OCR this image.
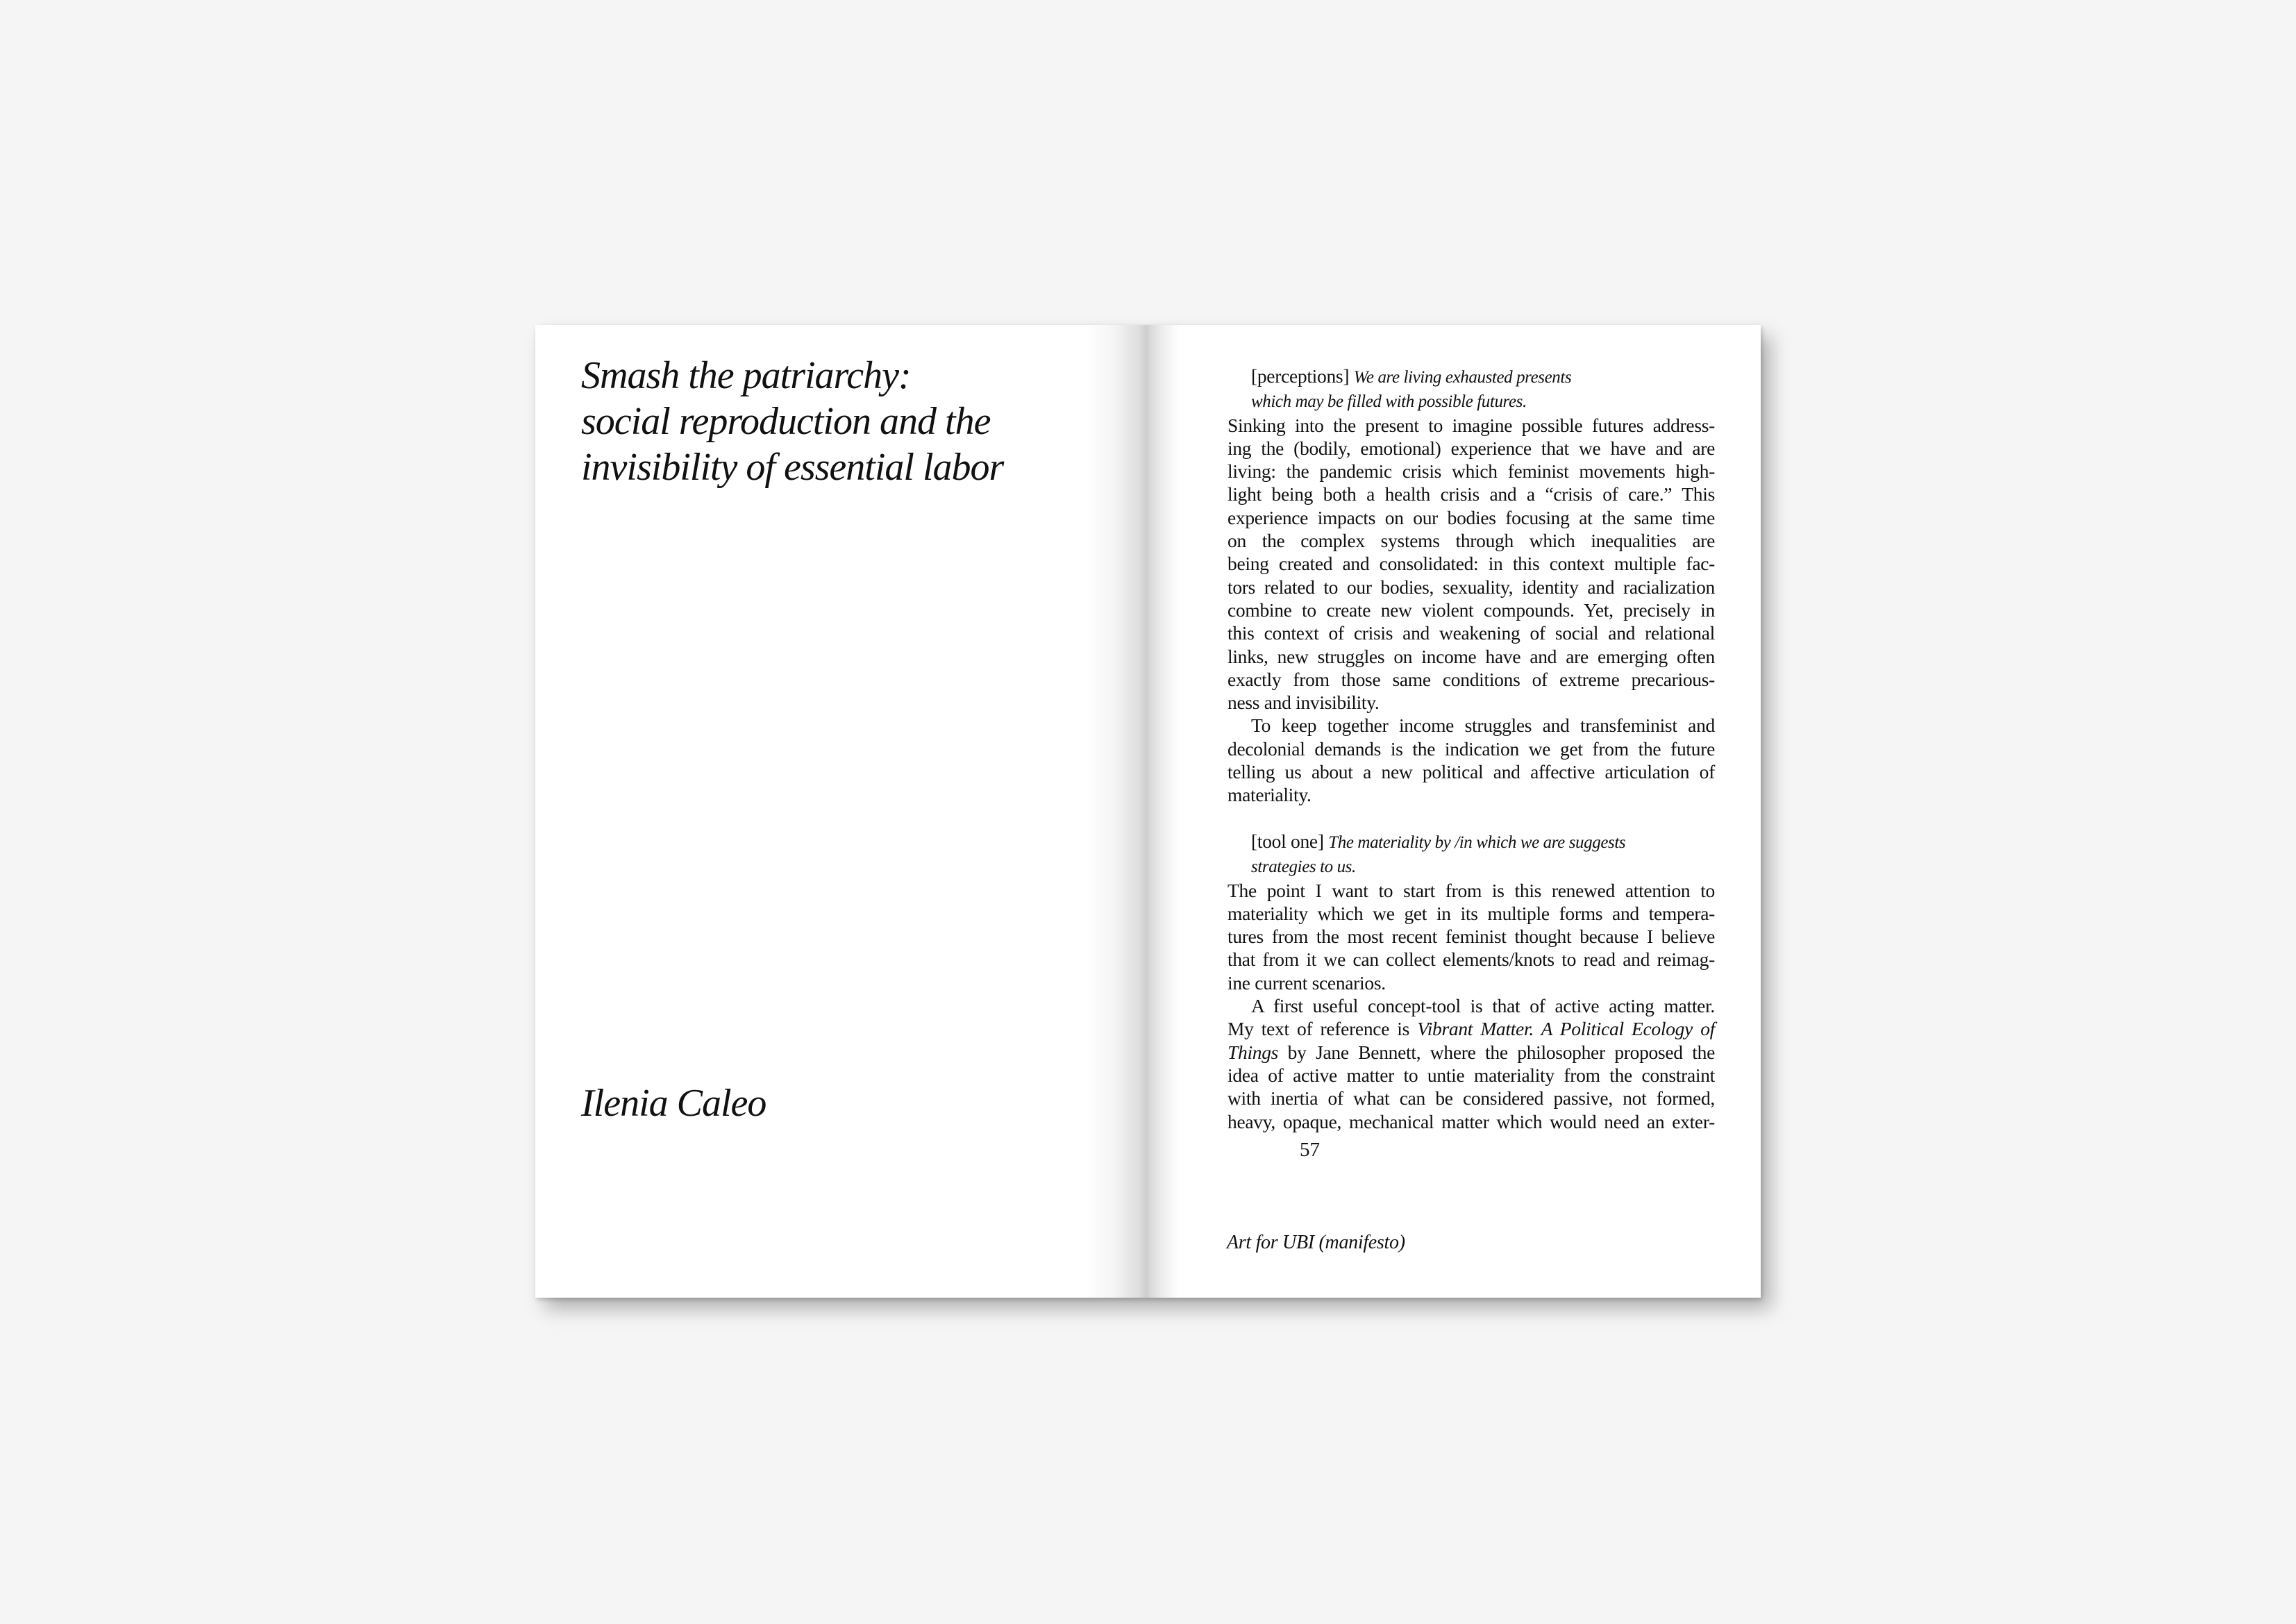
Smash the patriarchy:
social reproduction and the
invisibility of essential labor
Ilenia Caleo
[perceptions] We are living exhausted presents
which may be filled with possible futures.
Sinking into the present to imagine possible futures address-
ing the (bodily, emotional) experience that we have and are
living: the pandemic crisis which feminist movements high-
light being both a health crisis and a “crisis of care.” This
experience impacts on our bodies focusing at the same time
on the complex systems through which inequalities are
being created and consolidated: in this context multiple fac-
tors related to our bodies, sexuality, identity and racialization
combine to create new violent compounds. Yet, precisely in
this context of crisis and weakening of social and relational
links, new struggles on income have and are emerging often
exactly from those same conditions of extreme precarious-
ness and invisibility.
To keep together income struggles and transfeminist and
decolonial demands is the indication we get from the future
telling us about a new political and affective articulation of
materiality.
[tool one] The materiality by /in which we are suggests
strategies to us.
The point I want to start from is this renewed attention to
materiality which we get in its multiple forms and tempera-
tures from the most recent feminist thought because I believe
that from it we can collect elements/knots to read and reimag-
ine current scenarios.
A first useful concept-tool is that of active acting matter.
My text of reference is Vibrant Matter. A Political Ecology of
Things by Jane Bennett, where the philosopher proposed the
idea of active matter to untie materiality from the constraint
with inertia of what can be considered passive, not formed,
heavy, opaque, mechanical matter which would need an exter-
57
Art for UBI (manifesto)
